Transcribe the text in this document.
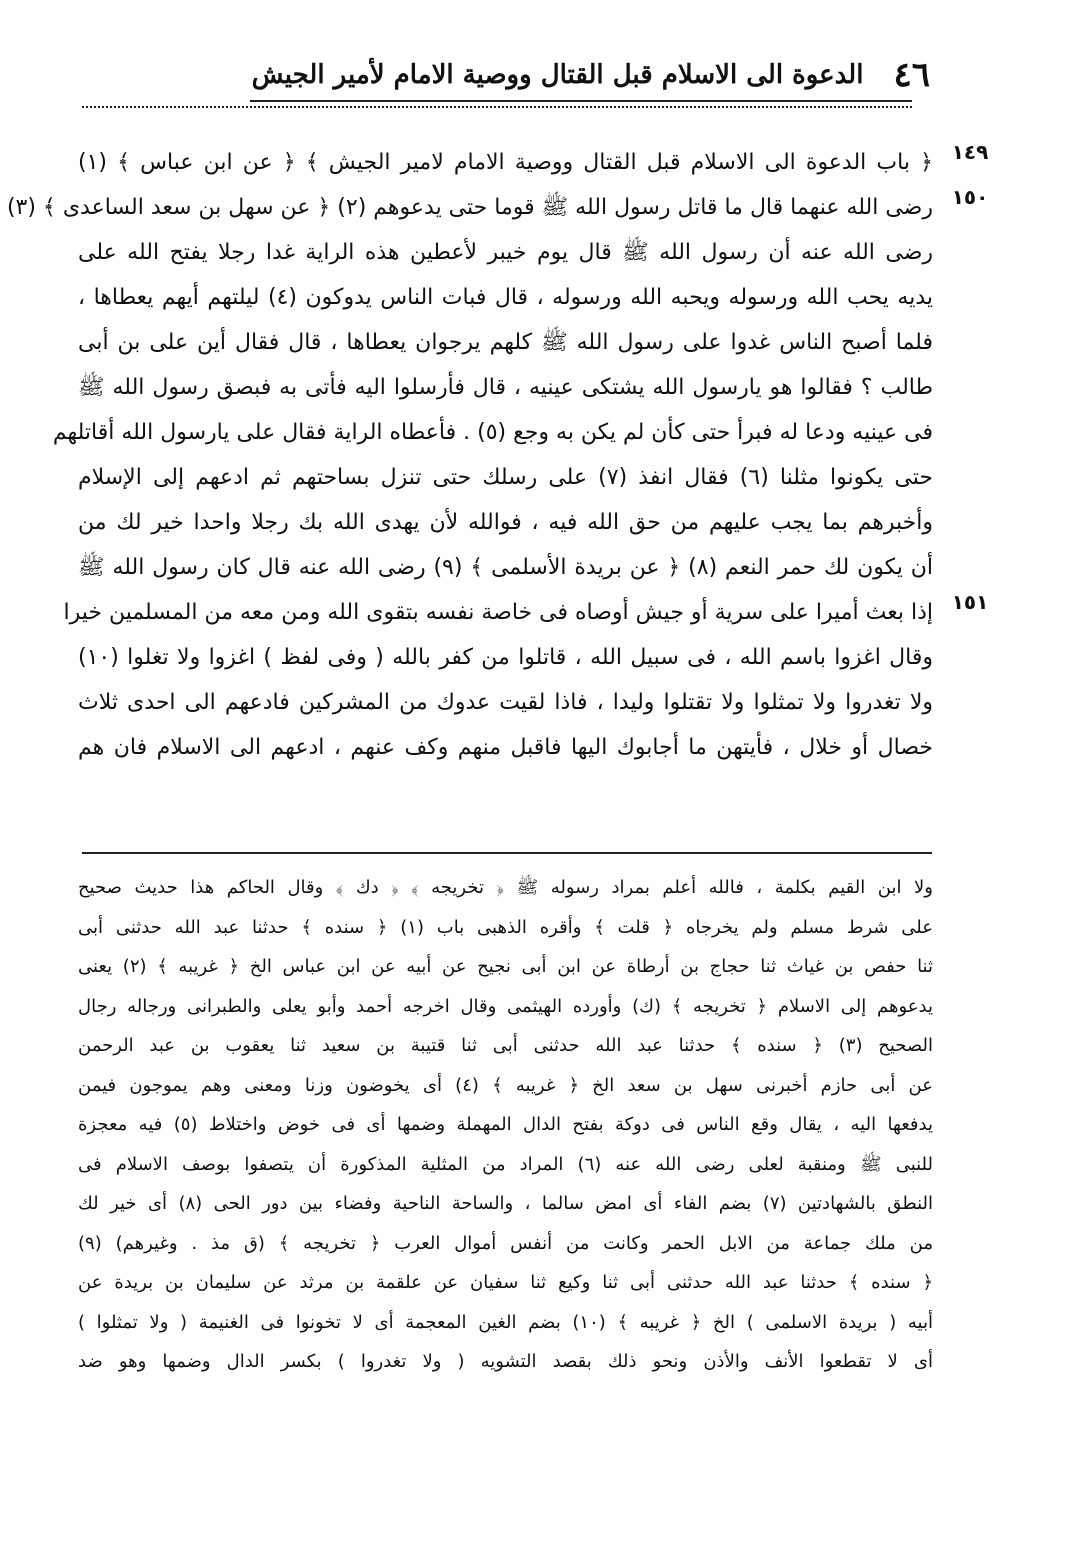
٤٦
الدعوة الى الاسلام قبل القتال ووصية الامام لأمير الجيش
١٤٩
١٥٠
١٥١
﴿ باب الدعوة الى الاسلام قبل القتال ووصية الامام لامير الجيش ﴾ ﴿ عن ابن عباس ﴾ (١)
رضى الله عنهما قال ما قاتل رسول الله ﷺ قوما حتى يدعوهم (٢) ﴿ عن سهل بن سعد الساعدى ﴾ (٣)
رضى الله عنه أن رسول الله ﷺ قال يوم خيبر لأعطين هذه الراية غدا رجلا يفتح الله على
يديه يحب الله ورسوله ويحبه الله ورسوله ، قال فبات الناس يدوكون (٤) ليلتهم أيهم يعطاها ،
فلما أصبح الناس غدوا على رسول الله ﷺ كلهم يرجوان يعطاها ، قال فقال أين على بن أبى
طالب ؟ فقالوا هو يارسول الله يشتكى عينيه ، قال فأرسلوا اليه فأتى به فبصق رسول الله ﷺ
فى عينيه ودعا له فبرأ حتى كأن لم يكن به وجع (٥) . فأعطاه الراية فقال على يارسول الله أقاتلهم
حتى يكونوا مثلنا (٦) فقال انفذ (٧) على رسلك حتى تنزل بساحتهم ثم ادعهم إلى الإسلام
وأخبرهم بما يجب عليهم من حق الله فيه ، فوالله لأن يهدى الله بك رجلا واحدا خير لك من
أن يكون لك حمر النعم (٨) ﴿ عن بريدة الأسلمى ﴾ (٩) رضى الله عنه قال كان رسول الله ﷺ
إذا بعث أميرا على سرية أو جيش أوصاه فى خاصة نفسه بتقوى الله ومن معه من المسلمين خيرا
وقال اغزوا باسم الله ، فى سبيل الله ، قاتلوا من كفر بالله ( وفى لفظ ) اغزوا ولا تغلوا (١٠)
ولا تغدروا ولا تمثلوا ولا تقتلوا وليدا ، فاذا لقيت عدوك من المشركين فادعهم الى احدى ثلاث
خصال أو خلال ، فأيتهن ما أجابوك اليها فاقبل منهم وكف عنهم ، ادعهم الى الاسلام فان هم
ولا ابن القيم بكلمة ، فالله أعلم بمراد رسوله ﷺ ﴿ تخريجه ﴾ ﴿ دك ﴾ وقال الحاكم هذا حديث صحيح
على شرط مسلم ولم يخرجاه ﴿ قلت ﴾ وأقره الذهبى باب (١) ﴿ سنده ﴾ حدثنا عبد الله حدثنى أبى
ثنا حفص بن غياث ثنا حجاج بن أرطاة عن ابن أبى نجيح عن أبيه عن ابن عباس الخ ﴿ غريبه ﴾ (٢) يعنى
يدعوهم إلى الاسلام ﴿ تخريجه ﴾ (ك) وأورده الهيثمى وقال اخرجه أحمد وأبو يعلى والطبرانى ورجاله رجال
الصحيح (٣) ﴿ سنده ﴾ حدثنا عبد الله حدثنى أبى ثنا قتيبة بن سعيد ثنا يعقوب بن عبد الرحمن
عن أبى حازم أخبرنى سهل بن سعد الخ ﴿ غريبه ﴾ (٤) أى يخوضون وزنا ومعنى وهم يموجون فيمن
يدفعها اليه ، يقال وقع الناس فى دوكة بفتح الدال المهملة وضمها أى فى خوض واختلاط (٥) فيه معجزة
للنبى ﷺ ومنقبة لعلى رضى الله عنه (٦) المراد من المثلية المذكورة أن يتصفوا بوصف الاسلام فى
النطق بالشهادتين (٧) بضم الفاء أى امض سالما ، والساحة الناحية وفضاء بين دور الحى (٨) أى خير لك
من ملك جماعة من الابل الحمر وكانت من أنفس أموال العرب ﴿ تخريجه ﴾ (ق مذ . وغيرهم) (٩)
﴿ سنده ﴾ حدثنا عبد الله حدثنى أبى ثنا وكيع ثنا سفيان عن علقمة بن مرثد عن سليمان بن بريدة عن
أبيه ( بريدة الاسلمى ) الخ ﴿ غريبه ﴾ (١٠) بضم الغين المعجمة أى لا تخونوا فى الغنيمة ( ولا تمثلوا )
أى لا تقطعوا الأنف والأذن ونحو ذلك بقصد التشويه ( ولا تغدروا ) بكسر الدال وضمها وهو ضد
